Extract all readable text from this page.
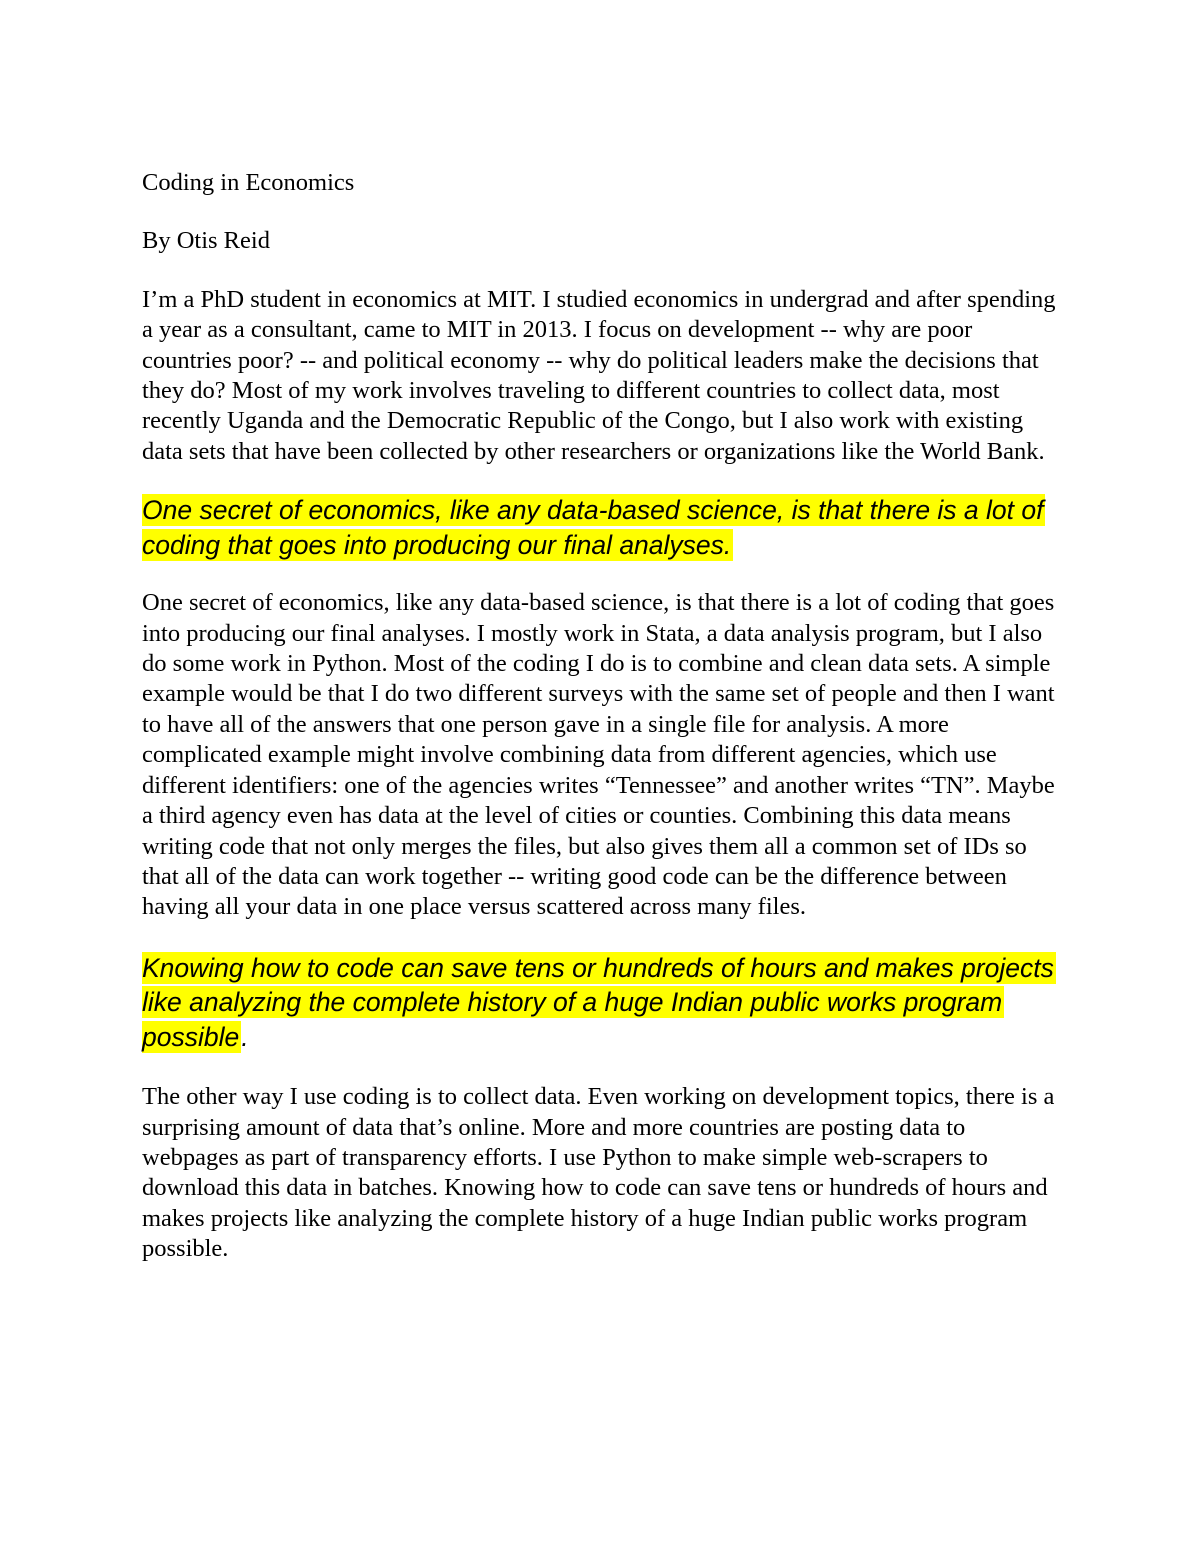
Coding in Economics
By Otis Reid

I’m a PhD student in economics at MIT. I studied economics in undergrad and after spending a year as a consultant, came to MIT in 2013. I focus on development -- why are poor countries poor? -- and political economy -- why do political leaders make the decisions that they do? Most of my work involves traveling to different countries to collect data, most recently Uganda and the Democratic Republic of the Congo, but I also work with existing data sets that have been collected by other researchers or organizations like the World Bank.

One secret of economics, like any data-based science, is that there is a lot of coding that goes into producing our final analyses.

One secret of economics, like any data-based science, is that there is a lot of coding that goes into producing our final analyses. I mostly work in Stata, a data analysis program, but I also do some work in Python. Most of the coding I do is to combine and clean data sets. A simple example would be that I do two different surveys with the same set of people and then I want to have all of the answers that one person gave in a single file for analysis. A more complicated example might involve combining data from different agencies, which use different identifiers: one of the agencies writes “Tennessee” and another writes “TN”. Maybe a third agency even has data at the level of cities or counties. Combining this data means writing code that not only merges the files, but also gives them all a common set of IDs so that all of the data can work together -- writing good code can be the difference between having all your data in one place versus scattered across many files.

Knowing how to code can save tens or hundreds of hours and makes projects like analyzing the complete history of a huge Indian public works program possible.

The other way I use coding is to collect data. Even working on development topics, there is a surprising amount of data that’s online. More and more countries are posting data to webpages as part of transparency efforts. I use Python to make simple web-scrapers to download this data in batches. Knowing how to code can save tens or hundreds of hours and makes projects like analyzing the complete history of a huge Indian public works program possible.
